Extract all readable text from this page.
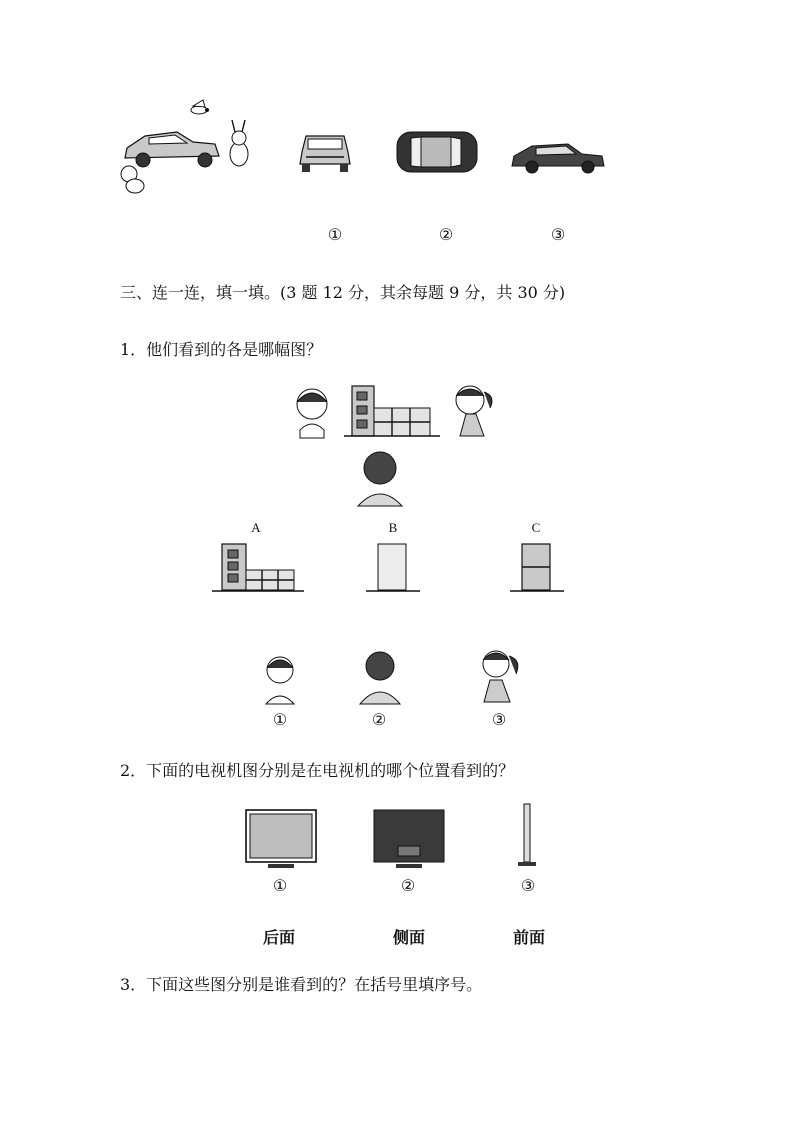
①	②	③
三、连一连，填一填。(3 题 12 分，其余每题 9 分，共 30 分)
1．他们看到的各是哪幅图？
A	B	C
①	②	③
2．下面的电视机图分别是在电视机的哪个位置看到的？
①	②	③
后面	侧面	前面
3．下面这些图分别是谁看到的？在括号里填序号。
